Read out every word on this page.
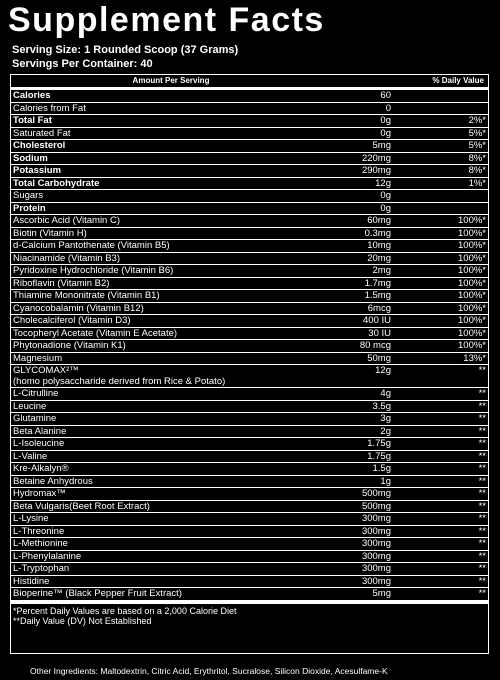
Supplement Facts
Serving Size: 1 Rounded Scoop (37 Grams)
Servings Per Container: 40
Amount Per Serving	% Daily Value
Calories	60
Calories from Fat	0
Total Fat	0g	2%*
Saturated Fat	0g	5%*
Cholesterol	5mg	5%*
Sodium	220mg	8%*
Potassium	290mg	8%*
Total Carbohydrate	12g	1%*
Sugars	0g
Protein	0g
Ascorbic Acid (Vitamin C)	60mg	100%*
Biotin (Vitamin H)	0.3mg	100%*
d-Calcium Pantothenate (Vitamin B5)	10mg	100%*
Niacinamide (Vitamin B3)	20mg	100%*
Pyridoxine Hydrochloride (Vitamin B6)	2mg	100%*
Riboflavin (Vitamin B2)	1.7mg	100%*
Thiamine Mononitrate (Vitamin B1)	1.5mg	100%*
Cyanocobalamin (Vitamin B12)	6mcg	100%*
Cholecalciferol (Vitamin D3)	400 IU	100%*
Tocopheryl Acetate (Vitamin E Acetate)	30 IU	100%*
Phytonadione (Vitamin K1)	80 mcg	100%*
Magnesium	50mg	13%*
GLYCOMAX²™
(homo polysaccharide derived from Rice & Potato)
12g	**
L-Citrulline	4g	**
Leucine	3.5g	**
Glutamine	3g	**
Beta Alanine	2g	**
L-Isoleucine	1.75g	**
L-Valine	1.75g	**
Kre-Alkalyn®	1.5g	**
Betaine Anhydrous	1g	**
Hydromax™	500mg	**
Beta Vulgaris(Beet Root Extract)	500mg	**
L-Lysine	300mg	**
L-Threonine	300mg	**
L-Methionine	300mg	**
L-Phenylalanine	300mg	**
L-Tryptophan	300mg	**
Histidine	300mg	**
Bioperine™ (Black Pepper Fruit Extract)	5mg	**
*Percent Daily Values are based on a 2,000 Calorie Diet
**Daily Value (DV) Not Established
Other Ingredients: Maltodextrin, Citric Acid, Erythritol, Sucralose, Silicon Dioxide, Acesulfame-K
